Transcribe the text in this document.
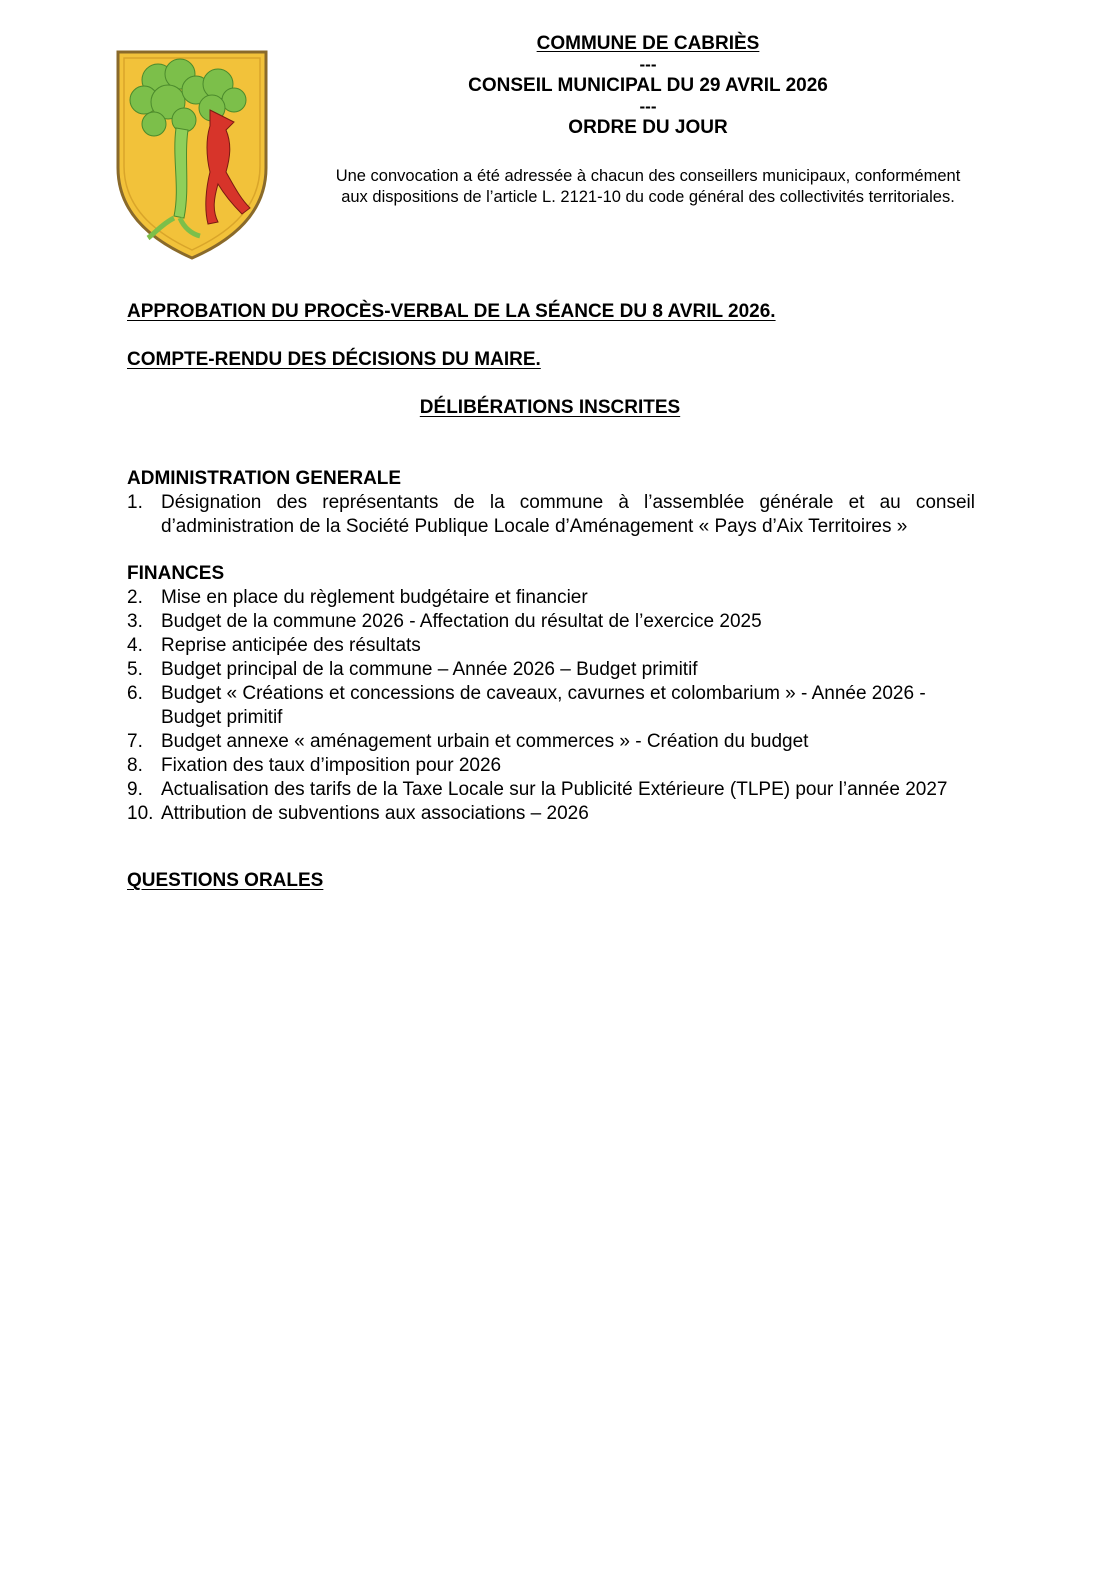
COMMUNE DE CABRIÈS
---
CONSEIL MUNICIPAL DU 29 AVRIL 2026
---
ORDRE DU JOUR
Une convocation a été adressée à chacun des conseillers municipaux, conformément aux dispositions de l’article L. 2121-10 du code général des collectivités territoriales.
APPROBATION DU PROCÈS-VERBAL DE LA SÉANCE DU 8 AVRIL 2026.
COMPTE-RENDU DES DÉCISIONS DU MAIRE.
DÉLIBÉRATIONS INSCRITES
ADMINISTRATION GENERALE
1. Désignation des représentants de la commune à l’assemblée générale et au conseil d’administration de la Société Publique Locale d’Aménagement « Pays d’Aix Territoires »
FINANCES
2. Mise en place du règlement budgétaire et financier
3. Budget de la commune 2026 - Affectation du résultat de l’exercice 2025
4. Reprise anticipée des résultats
5. Budget principal de la commune – Année 2026 – Budget primitif
6. Budget « Créations et concessions de caveaux, cavurnes et colombarium » - Année 2026 - Budget primitif
7. Budget annexe « aménagement urbain et commerces » - Création du budget
8. Fixation des taux d’imposition pour 2026
9. Actualisation des tarifs de la Taxe Locale sur la Publicité Extérieure (TLPE) pour l’année 2027
10. Attribution de subventions aux associations – 2026
QUESTIONS ORALES
